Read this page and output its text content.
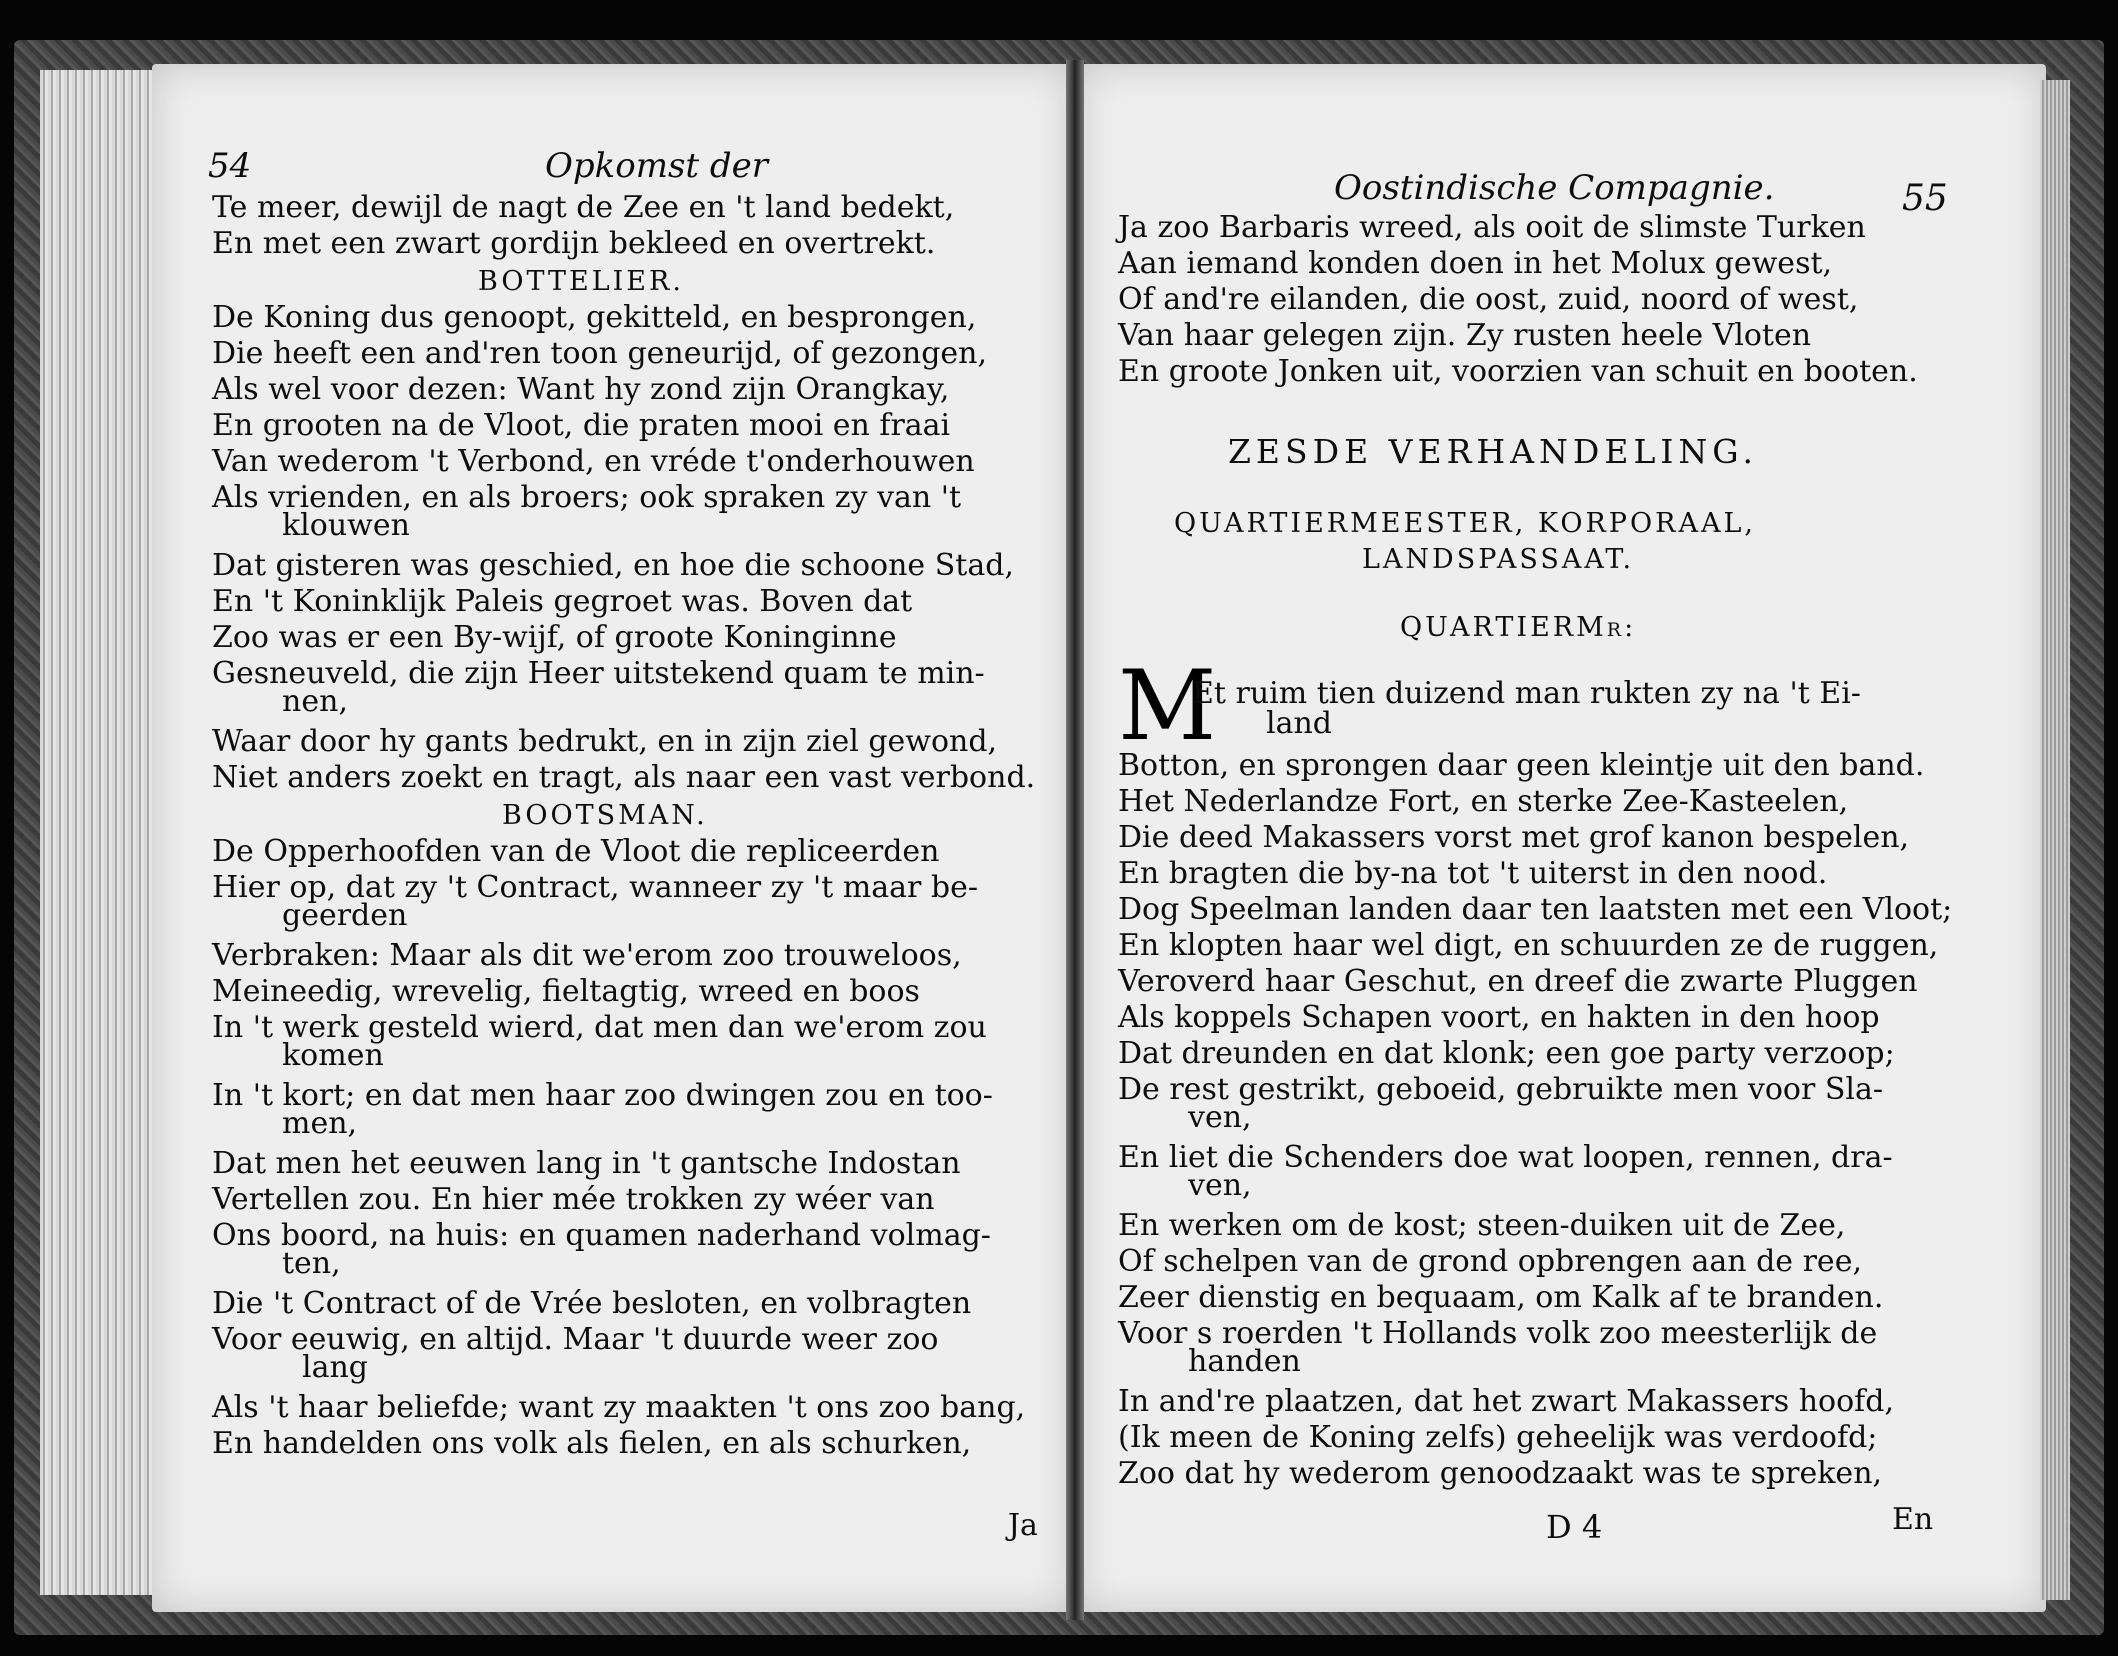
54	Opkomst der
Te meer, dewijl de nagt de Zee en 't land bedekt,
En met een zwart gordijn bekleed en overtrekt.
BOTTELIER.
De Koning dus genoopt, gekitteld, en besprongen,
Die heeft een and'ren toon geneurijd, of gezongen,
Als wel voor dezen: Want hy zond zijn Orangkay,
En grooten na de Vloot, die praten mooi en fraai
Van wederom 't Verbond, en vréde t'onderhouwen
Als vrienden, en als broers; ook spraken zy van 't
klouwen
Dat gisteren was geschied, en hoe die schoone Stad,
En 't Koninklijk Paleis gegroet was. Boven dat
Zoo was er een By-wijf, of groote Koninginne
Gesneuveld, die zijn Heer uitstekend quam te min-
nen,
Waar door hy gants bedrukt, en in zijn ziel gewond,
Niet anders zoekt en tragt, als naar een vast verbond.
BOOTSMAN.
De Opperhoofden van de Vloot die repliceerden
Hier op, dat zy 't Contract, wanneer zy 't maar be-
geerden
Verbraken: Maar als dit we'erom zoo trouweloos,
Meineedig, wrevelig, fieltagtig, wreed en boos
In 't werk gesteld wierd, dat men dan we'erom zou
komen
In 't kort; en dat men haar zoo dwingen zou en too-
men,
Dat men het eeuwen lang in 't gantsche Indostan
Vertellen zou. En hier mée trokken zy wéer van
Ons boord, na huis: en quamen naderhand volmag-
ten,
Die 't Contract of de Vrée besloten, en volbragten
Voor eeuwig, en altijd. Maar 't duurde weer zoo
lang
Als 't haar beliefde; want zy maakten 't ons zoo bang,
En handelden ons volk als fielen, en als schurken,
Ja
Oostindische Compagnie.	55
Ja zoo Barbaris wreed, als ooit de slimste Turken
Aan iemand konden doen in het Molux gewest,
Of and're eilanden, die oost, zuid, noord of west,
Van haar gelegen zijn. Zy rusten heele Vloten
En groote Jonken uit, voorzien van schuit en booten.
ZESDE VERHANDELING.
QUARTIERMEESTER, KORPORAAL,
LANDSPASSAAT.
QUARTIERMr:
M
Et ruim tien duizend man rukten zy na 't Ei-
land
Botton, en sprongen daar geen kleintje uit den band.
Het Nederlandze Fort, en sterke Zee-Kasteelen,
Die deed Makassers vorst met grof kanon bespelen,
En bragten die by-na tot 't uiterst in den nood.
Dog Speelman landen daar ten laatsten met een Vloot;
En klopten haar wel digt, en schuurden ze de ruggen,
Veroverd haar Geschut, en dreef die zwarte Pluggen
Als koppels Schapen voort, en hakten in den hoop
Dat dreunden en dat klonk; een goe party verzoop;
De rest gestrikt, geboeid, gebruikte men voor Sla-
ven,
En liet die Schenders doe wat loopen, rennen, dra-
ven,
En werken om de kost; steen-duiken uit de Zee,
Of schelpen van de grond opbrengen aan de ree,
Zeer dienstig en bequaam, om Kalk af te branden.
Voor s roerden 't Hollands volk zoo meesterlijk de
handen
In and're plaatzen, dat het zwart Makassers hoofd,
(Ik meen de Koning zelfs) geheelijk was verdoofd;
Zoo dat hy wederom genoodzaakt was te spreken,
D 4	En
